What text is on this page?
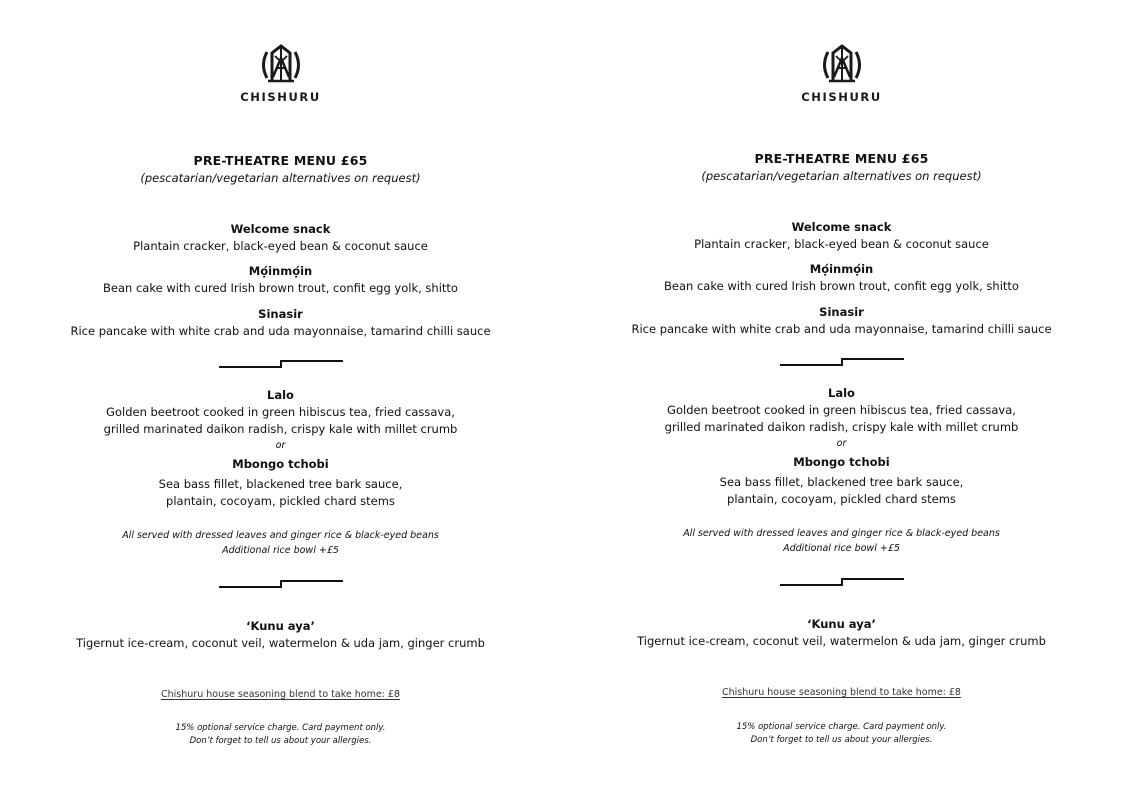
CHISHURU
PRE-THEATRE MENU £65
(pescatarian/vegetarian alternatives on request)
Welcome snack
Plantain cracker, black-eyed bean & coconut sauce
Mọ́inmọ́in
Bean cake with cured Irish brown trout, confit egg yolk, shitto
Sinasir
Rice pancake with white crab and uda mayonnaise, tamarind chilli sauce
Lalo
Golden beetroot cooked in green hibiscus tea, fried cassava,
grilled marinated daikon radish, crispy kale with millet crumb
or
Mbongo tchobi
Sea bass fillet, blackened tree bark sauce,
plantain, cocoyam, pickled chard stems
All served with dressed leaves and ginger rice & black-eyed beans
Additional rice bowl +£5
‘Kunu aya’
Tigernut ice-cream, coconut veil, watermelon & uda jam, ginger crumb
Chishuru house seasoning blend to take home: £8
15% optional service charge. Card payment only.
Don’t forget to tell us about your allergies.
CHISHURU
PRE-THEATRE MENU £65
(pescatarian/vegetarian alternatives on request)
Welcome snack
Plantain cracker, black-eyed bean & coconut sauce
Mọ́inmọ́in
Bean cake with cured Irish brown trout, confit egg yolk, shitto
Sinasir
Rice pancake with white crab and uda mayonnaise, tamarind chilli sauce
Lalo
Golden beetroot cooked in green hibiscus tea, fried cassava,
grilled marinated daikon radish, crispy kale with millet crumb
or
Mbongo tchobi
Sea bass fillet, blackened tree bark sauce,
plantain, cocoyam, pickled chard stems
All served with dressed leaves and ginger rice & black-eyed beans
Additional rice bowl +£5
‘Kunu aya’
Tigernut ice-cream, coconut veil, watermelon & uda jam, ginger crumb
Chishuru house seasoning blend to take home: £8
15% optional service charge. Card payment only.
Don’t forget to tell us about your allergies.
